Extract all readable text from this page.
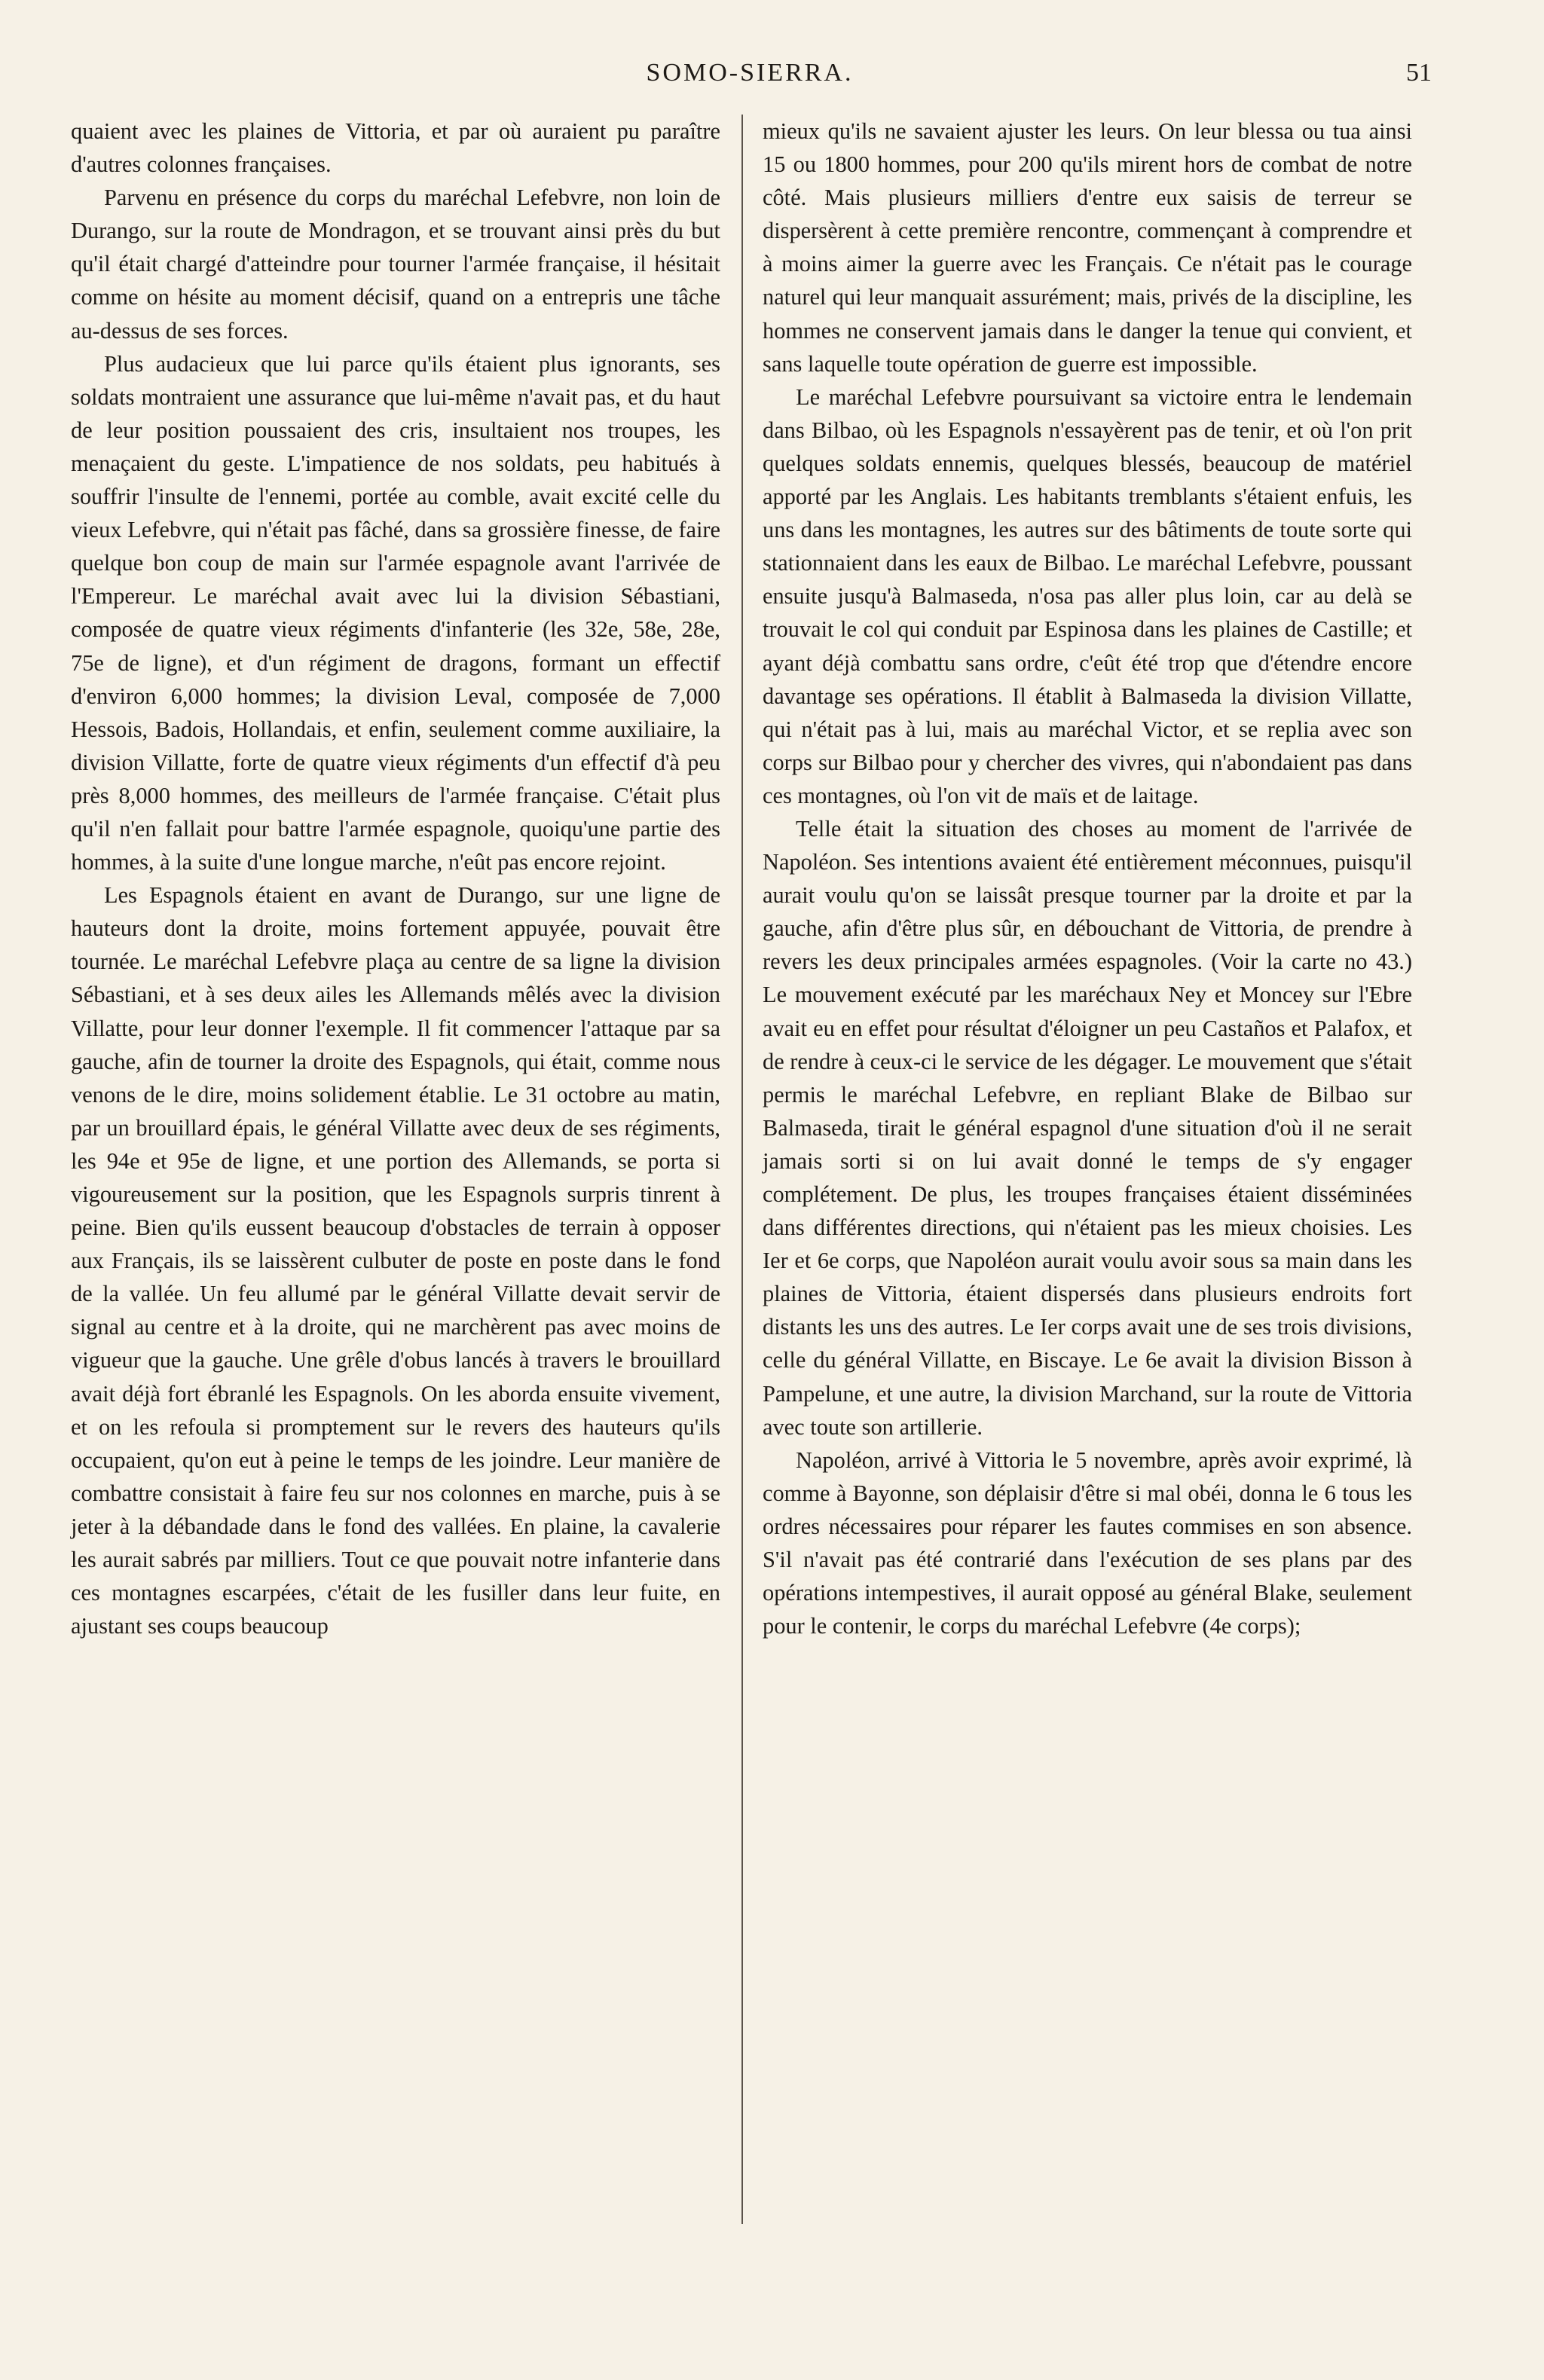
SOMO-SIERRA.	51

quaient avec les plaines de Vittoria, et par où auraient pu paraître d'autres colonnes françaises.

Parvenu en présence du corps du maréchal Lefebvre, non loin de Durango, sur la route de Mondragon, et se trouvant ainsi près du but qu'il était chargé d'atteindre pour tourner l'armée française, il hésitait comme on hésite au moment décisif, quand on a entrepris une tâche au-dessus de ses forces.

Plus audacieux que lui parce qu'ils étaient plus ignorants, ses soldats montraient une assurance que lui-même n'avait pas, et du haut de leur position poussaient des cris, insultaient nos troupes, les menaçaient du geste. L'impatience de nos soldats, peu habitués à souffrir l'insulte de l'ennemi, portée au comble, avait excité celle du vieux Lefebvre, qui n'était pas fâché, dans sa grossière finesse, de faire quelque bon coup de main sur l'armée espagnole avant l'arrivée de l'Empereur. Le maréchal avait avec lui la division Sébastiani, composée de quatre vieux régiments d'infanterie (les 32e, 58e, 28e, 75e de ligne), et d'un régiment de dragons, formant un effectif d'environ 6,000 hommes; la division Leval, composée de 7,000 Hessois, Badois, Hollandais, et enfin, seulement comme auxiliaire, la division Villatte, forte de quatre vieux régiments d'un effectif d'à peu près 8,000 hommes, des meilleurs de l'armée française. C'était plus qu'il n'en fallait pour battre l'armée espagnole, quoiqu'une partie des hommes, à la suite d'une longue marche, n'eût pas encore rejoint.

Les Espagnols étaient en avant de Durango, sur une ligne de hauteurs dont la droite, moins fortement appuyée, pouvait être tournée. Le maréchal Lefebvre plaça au centre de sa ligne la division Sébastiani, et à ses deux ailes les Allemands mêlés avec la division Villatte, pour leur donner l'exemple. Il fit commencer l'attaque par sa gauche, afin de tourner la droite des Espagnols, qui était, comme nous venons de le dire, moins solidement établie. Le 31 octobre au matin, par un brouillard épais, le général Villatte avec deux de ses régiments, les 94e et 95e de ligne, et une portion des Allemands, se porta si vigoureusement sur la position, que les Espagnols surpris tinrent à peine. Bien qu'ils eussent beaucoup d'obstacles de terrain à opposer aux Français, ils se laissèrent culbuter de poste en poste dans le fond de la vallée. Un feu allumé par le général Villatte devait servir de signal au centre et à la droite, qui ne marchèrent pas avec moins de vigueur que la gauche. Une grêle d'obus lancés à travers le brouillard avait déjà fort ébranlé les Espagnols. On les aborda ensuite vivement, et on les refoula si promptement sur le revers des hauteurs qu'ils occupaient, qu'on eut à peine le temps de les joindre. Leur manière de combattre consistait à faire feu sur nos colonnes en marche, puis à se jeter à la débandade dans le fond des vallées. En plaine, la cavalerie les aurait sabrés par milliers. Tout ce que pouvait notre infanterie dans ces montagnes escarpées, c'était de les fusiller dans leur fuite, en ajustant ses coups beaucoup

mieux qu'ils ne savaient ajuster les leurs. On leur blessa ou tua ainsi 15 ou 1800 hommes, pour 200 qu'ils mirent hors de combat de notre côté. Mais plusieurs milliers d'entre eux saisis de terreur se dispersèrent à cette première rencontre, commençant à comprendre et à moins aimer la guerre avec les Français. Ce n'était pas le courage naturel qui leur manquait assurément; mais, privés de la discipline, les hommes ne conservent jamais dans le danger la tenue qui convient, et sans laquelle toute opération de guerre est impossible.

Le maréchal Lefebvre poursuivant sa victoire entra le lendemain dans Bilbao, où les Espagnols n'essayèrent pas de tenir, et où l'on prit quelques soldats ennemis, quelques blessés, beaucoup de matériel apporté par les Anglais. Les habitants tremblants s'étaient enfuis, les uns dans les montagnes, les autres sur des bâtiments de toute sorte qui stationnaient dans les eaux de Bilbao. Le maréchal Lefebvre, poussant ensuite jusqu'à Balmaseda, n'osa pas aller plus loin, car au delà se trouvait le col qui conduit par Espinosa dans les plaines de Castille; et ayant déjà combattu sans ordre, c'eût été trop que d'étendre encore davantage ses opérations. Il établit à Balmaseda la division Villatte, qui n'était pas à lui, mais au maréchal Victor, et se replia avec son corps sur Bilbao pour y chercher des vivres, qui n'abondaient pas dans ces montagnes, où l'on vit de maïs et de laitage.

Telle était la situation des choses au moment de l'arrivée de Napoléon. Ses intentions avaient été entièrement méconnues, puisqu'il aurait voulu qu'on se laissât presque tourner par la droite et par la gauche, afin d'être plus sûr, en débouchant de Vittoria, de prendre à revers les deux principales armées espagnoles. (Voir la carte no 43.) Le mouvement exécuté par les maréchaux Ney et Moncey sur l'Ebre avait eu en effet pour résultat d'éloigner un peu Castaños et Palafox, et de rendre à ceux-ci le service de les dégager. Le mouvement que s'était permis le maréchal Lefebvre, en repliant Blake de Bilbao sur Balmaseda, tirait le général espagnol d'une situation d'où il ne serait jamais sorti si on lui avait donné le temps de s'y engager complétement. De plus, les troupes françaises étaient disséminées dans différentes directions, qui n'étaient pas les mieux choisies. Les Ier et 6e corps, que Napoléon aurait voulu avoir sous sa main dans les plaines de Vittoria, étaient dispersés dans plusieurs endroits fort distants les uns des autres. Le Ier corps avait une de ses trois divisions, celle du général Villatte, en Biscaye. Le 6e avait la division Bisson à Pampelune, et une autre, la division Marchand, sur la route de Vittoria avec toute son artillerie.

Napoléon, arrivé à Vittoria le 5 novembre, après avoir exprimé, là comme à Bayonne, son déplaisir d'être si mal obéi, donna le 6 tous les ordres nécessaires pour réparer les fautes commises en son absence. S'il n'avait pas été contrarié dans l'exécution de ses plans par des opérations intempestives, il aurait opposé au général Blake, seulement pour le contenir, le corps du maréchal Lefebvre (4e corps);
